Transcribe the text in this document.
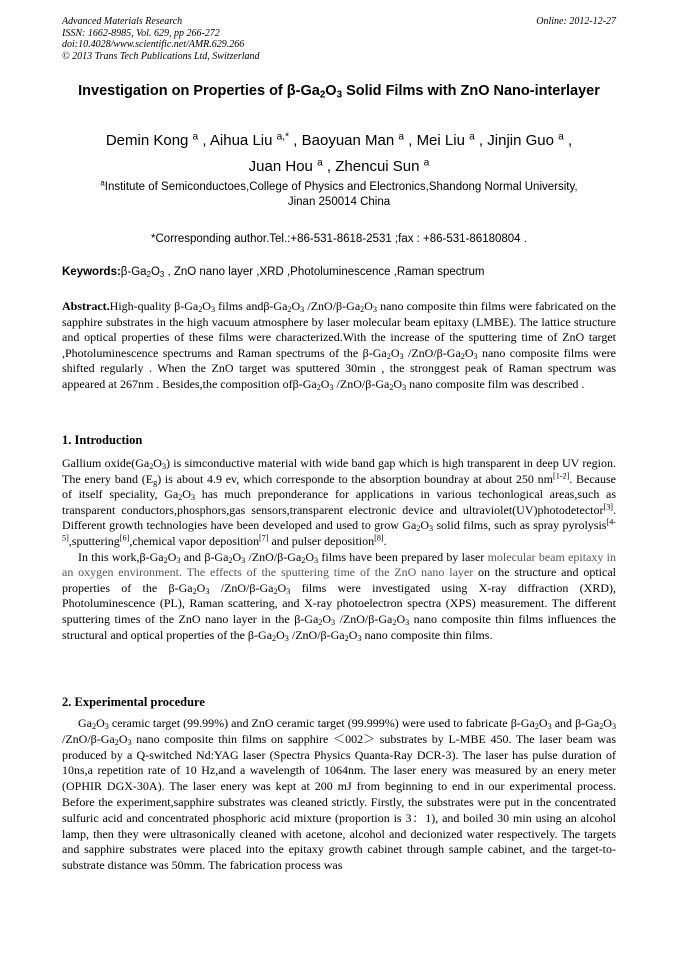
Advanced Materials Research
ISSN: 1662-8985, Vol. 629, pp 266-272
doi:10.4028/www.scientific.net/AMR.629.266
© 2013 Trans Tech Publications Ltd, Switzerland
Online: 2012-12-27
Investigation on Properties of $\beta-Ga_2O_3$ Solid Films with ZnO Nano-interlayer
Demin Kong $^a$ , Aihua Liu $^{a,*}$ , Baoyuan Man $^a$ , Mei Liu $^a$ , Jinjin Guo $^a$ ,
Juan Hou $^a$ , Zhencui Sun $^a$
$^a$Institute of Semiconductoes,College of Physics and Electronics,Shandong Normal University,
Jinan 250014 China
*Corresponding author.Tel.:+86-531-8618-2531 ;fax : +86-531-86180804 .
$Keywords:\beta-Ga_2O_3$ , ZnO nano layer ,XRD ,Photoluminescence ,Raman spectrum
Abstract.High-quality $\beta-Ga_2O_3$ films andβ-$Ga_2O_3$ $/ZnO/\beta-Ga_2O_3$ nano composite thin films were fabricated on the sapphire substrates in the high vacuum atmosphere by laser molecular beam epitaxy (LMBE). The lattice structure and optical properties of these films were characterized.With the increase of the sputtering time of ZnO target ,Photoluminescence spectrums and Raman spectrums of the $\beta-Ga_2O_3$ $/ZnO/\beta-Ga_2O_3$ nano composite films were shifted regularly . When the ZnO target was sputtered 30min , the stronggest peak of Raman spectrum was appeared at 267nm . Besides,the composition ofβ-$Ga_2O_3$ $/ZnO/\beta-Ga_2O_3$ nano composite film was described .
1. Introduction

Gallium $oxide(Ga_2O_3)$ is simconductive material with wide band gap which is high transparent in deep UV region. The enery band $(E_g)$ is about 4.9 ev, which corresponde to the absorption boundray at about 250 nm[1-2]. Because of itself speciality, $Ga_2O_3$ has much preponderance for applications in various techonlogical areas,such as transparent conductors,phosphors,gas sensors,transparent electronic device and ultraviolet(UV)photodetector[3]. Different growth technologies have been developed and used to grow $Ga_2O_3$ solid films, such as spray pyrolysis[4-5],sputtering[6],chemical vapor deposition[7] and pulser deposition[8].

In this $work,\beta-Ga_2O_3$ and $\beta-Ga_2O_3$ $/ZnO/\beta-Ga_2O_3$ films have been prepared by laser molecular beam epitaxy in an oxygen environment. The effects of the sputtering time of the ZnO nano layer on the structure and optical properties of the $\beta-Ga_2O_3$ $/ZnO/\beta-Ga_2O_3$ films were investigated using X-ray diffraction (XRD), Photoluminescence (PL), Raman scattering, and X-ray photoelectron spectra (XPS) measurement. The different sputtering times of the ZnO nano layer in the $\beta-Ga_2O_3$ $/ZnO/\beta-Ga_2O_3$ nano composite thin films influences the structural and optical properties of the $\beta-Ga_2O_3$ $/ZnO/\beta-Ga_2O_3$ nano composite thin films.

2. Experimental procedure

$Ga_2O_3$ ceramic target (99.99%) and ZnO ceramic target (99.999%) were used to fabricate $\beta-Ga_2O_3$ and $\beta-Ga_2O_3$ $/ZnO/\beta-Ga_2O_3$ nano composite thin films on sapphire ＜002＞ substrates by L-MBE 450. The laser beam was produced by a Q-switched Nd:YAG laser (Spectra Physics Quanta-Ray DCR-3). The laser has pulse duration of 10ns,a repetition rate of 10 Hz,and a wavelength of 1064nm. The laser enery was measured by an enery meter (OPHIR DGX-30A). The laser enery was kept at 200 mJ from beginning to end in our experimental process. Before the experiment,sapphire substrates was cleaned strictly. Firstly, the substrates were put in the concentrated sulfuric acid and concentrated phosphoric acid mixture (proportion is 3：1), and boiled 30 min using an alcohol lamp, then they were ultrasonically cleaned with acetone, alcohol and decionized water respectively. The targets and sapphire substrates were placed into the epitaxy growth cabinet through sample cabinet, and the target-to-substrate distance was 50mm. The fabrication process was
